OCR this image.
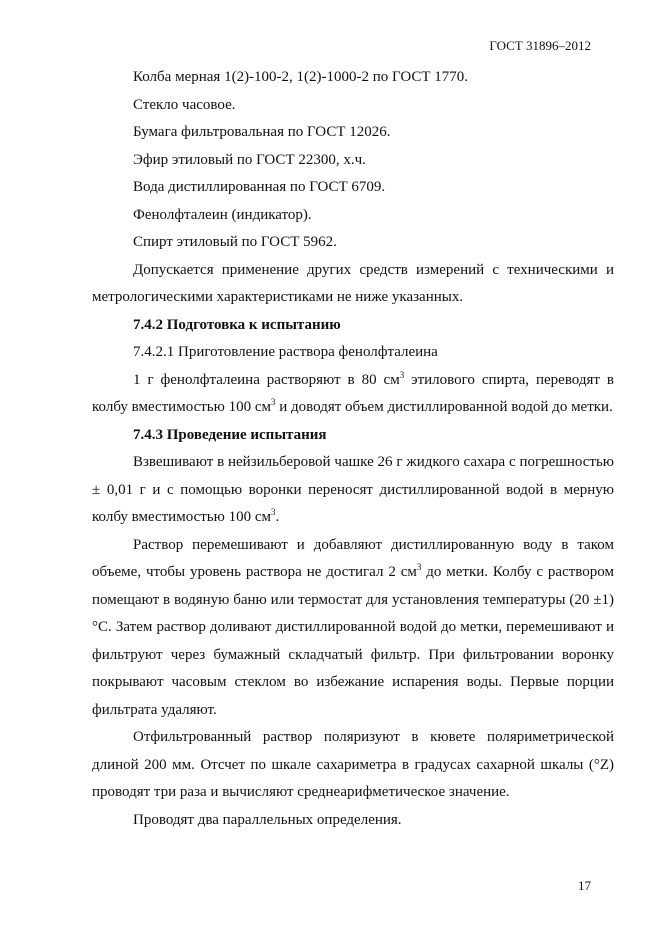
ГОСТ 31896–2012

Колба мерная 1(2)-100-2, 1(2)-1000-2 по ГОСТ 1770.

Стекло часовое.

Бумага фильтровальная по ГОСТ 12026.

Эфир этиловый по ГОСТ 22300, х.ч.

Вода дистиллированная по ГОСТ 6709.

Фенолфталеин (индикатор).

Спирт этиловый по ГОСТ 5962.

Допускается применение других средств измерений с техническими и метрологическими характеристиками не ниже указанных.

7.4.2 Подготовка к испытанию

7.4.2.1 Приготовление раствора фенолфталеина

1 г фенолфталеина растворяют в 80 $см^3$ этилового спирта, переводят в колбу вместимостью 100 $см^3$ и доводят объем дистиллированной водой до метки.

7.4.3 Проведение испытания

Взвешивают в нейзильберовой чашке 26 г жидкого сахара с погрешностью ± 0,01 г и с помощью воронки переносят дистиллированной водой в мерную колбу вместимостью 100 $см^3$.

Раствор перемешивают и добавляют дистиллированную воду в таком объеме, чтобы уровень раствора не достигал 2 $см^3$ до метки. Колбу с раствором помещают в водяную баню или термостат для установления температуры (20 ±1) °С. Затем раствор доливают дистиллированной водой до метки, перемешивают и фильтруют через бумажный складчатый фильтр. При фильтровании воронку покрывают часовым стеклом во избежание испарения воды. Первые порции фильтрата удаляют.

Отфильтрованный раствор поляризуют в кювете поляриметрической длиной 200 мм. Отсчет по шкале сахариметра в градусах сахарной шкалы (°Z) проводят три раза и вычисляют среднеарифметическое значение.

Проводят два параллельных определения.

17
